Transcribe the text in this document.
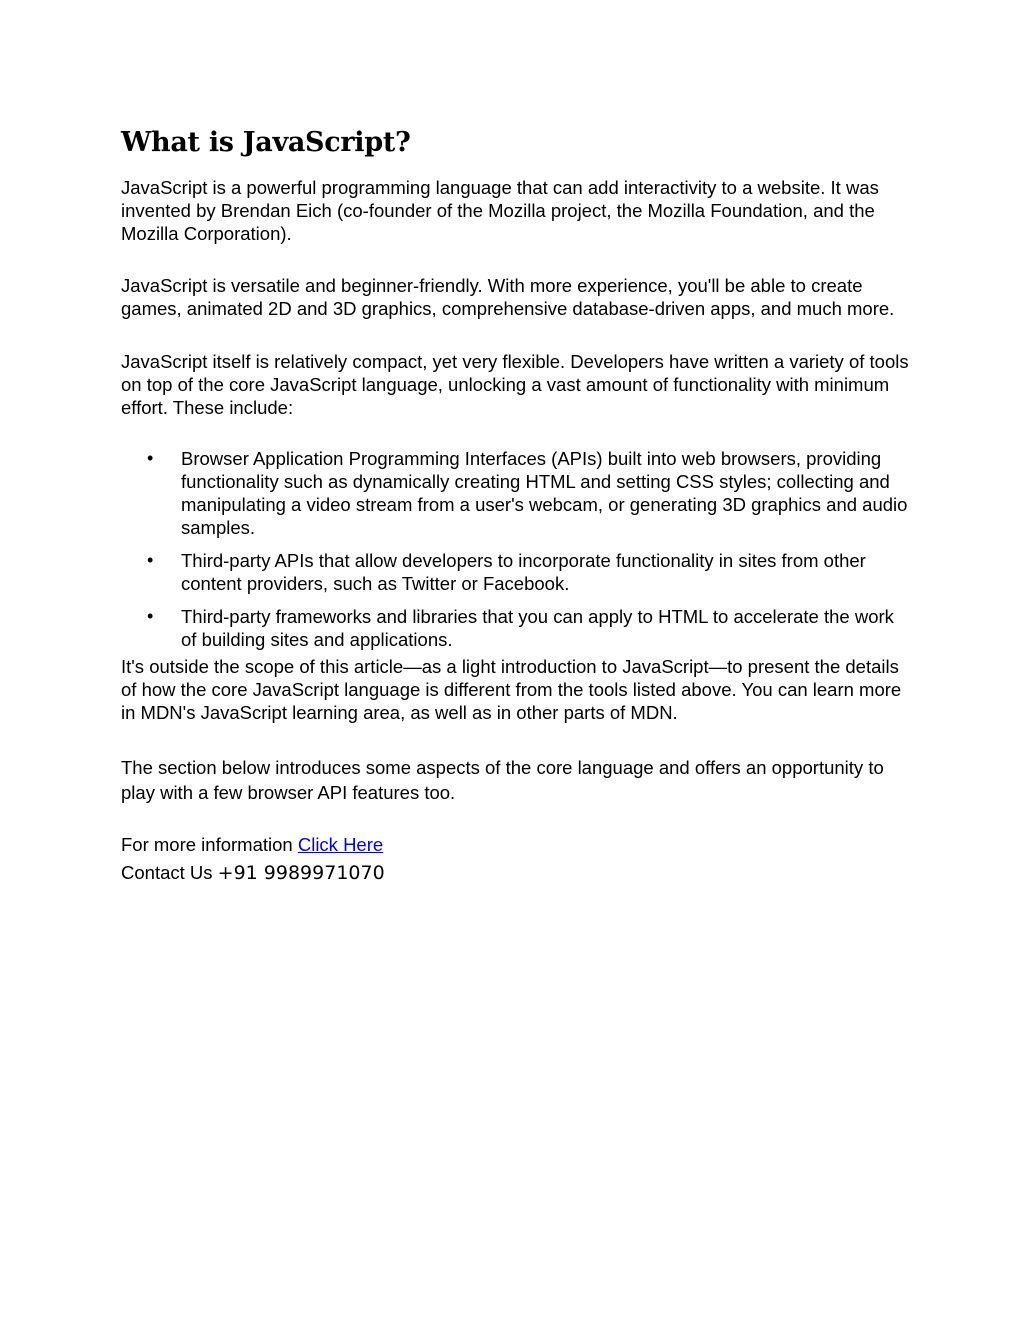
What is JavaScript?

JavaScript is a powerful programming language that can add interactivity to a website. It was invented by Brendan Eich (co-founder of the Mozilla project, the Mozilla Foundation, and the Mozilla Corporation).

JavaScript is versatile and beginner-friendly. With more experience, you'll be able to create games, animated 2D and 3D graphics, comprehensive database-driven apps, and much more.

JavaScript itself is relatively compact, yet very flexible. Developers have written a variety of tools on top of the core JavaScript language, unlocking a vast amount of functionality with minimum effort. These include:

• Browser Application Programming Interfaces (APIs) built into web browsers, providing functionality such as dynamically creating HTML and setting CSS styles; collecting and manipulating a video stream from a user's webcam, or generating 3D graphics and audio samples.
• Third-party APIs that allow developers to incorporate functionality in sites from other content providers, such as Twitter or Facebook.
• Third-party frameworks and libraries that you can apply to HTML to accelerate the work of building sites and applications.

It's outside the scope of this article—as a light introduction to JavaScript—to present the details of how the core JavaScript language is different from the tools listed above. You can learn more in MDN's JavaScript learning area, as well as in other parts of MDN.

The section below introduces some aspects of the core language and offers an opportunity to play with a few browser API features too.

For more information Click Here

Contact Us +91 9989971070
